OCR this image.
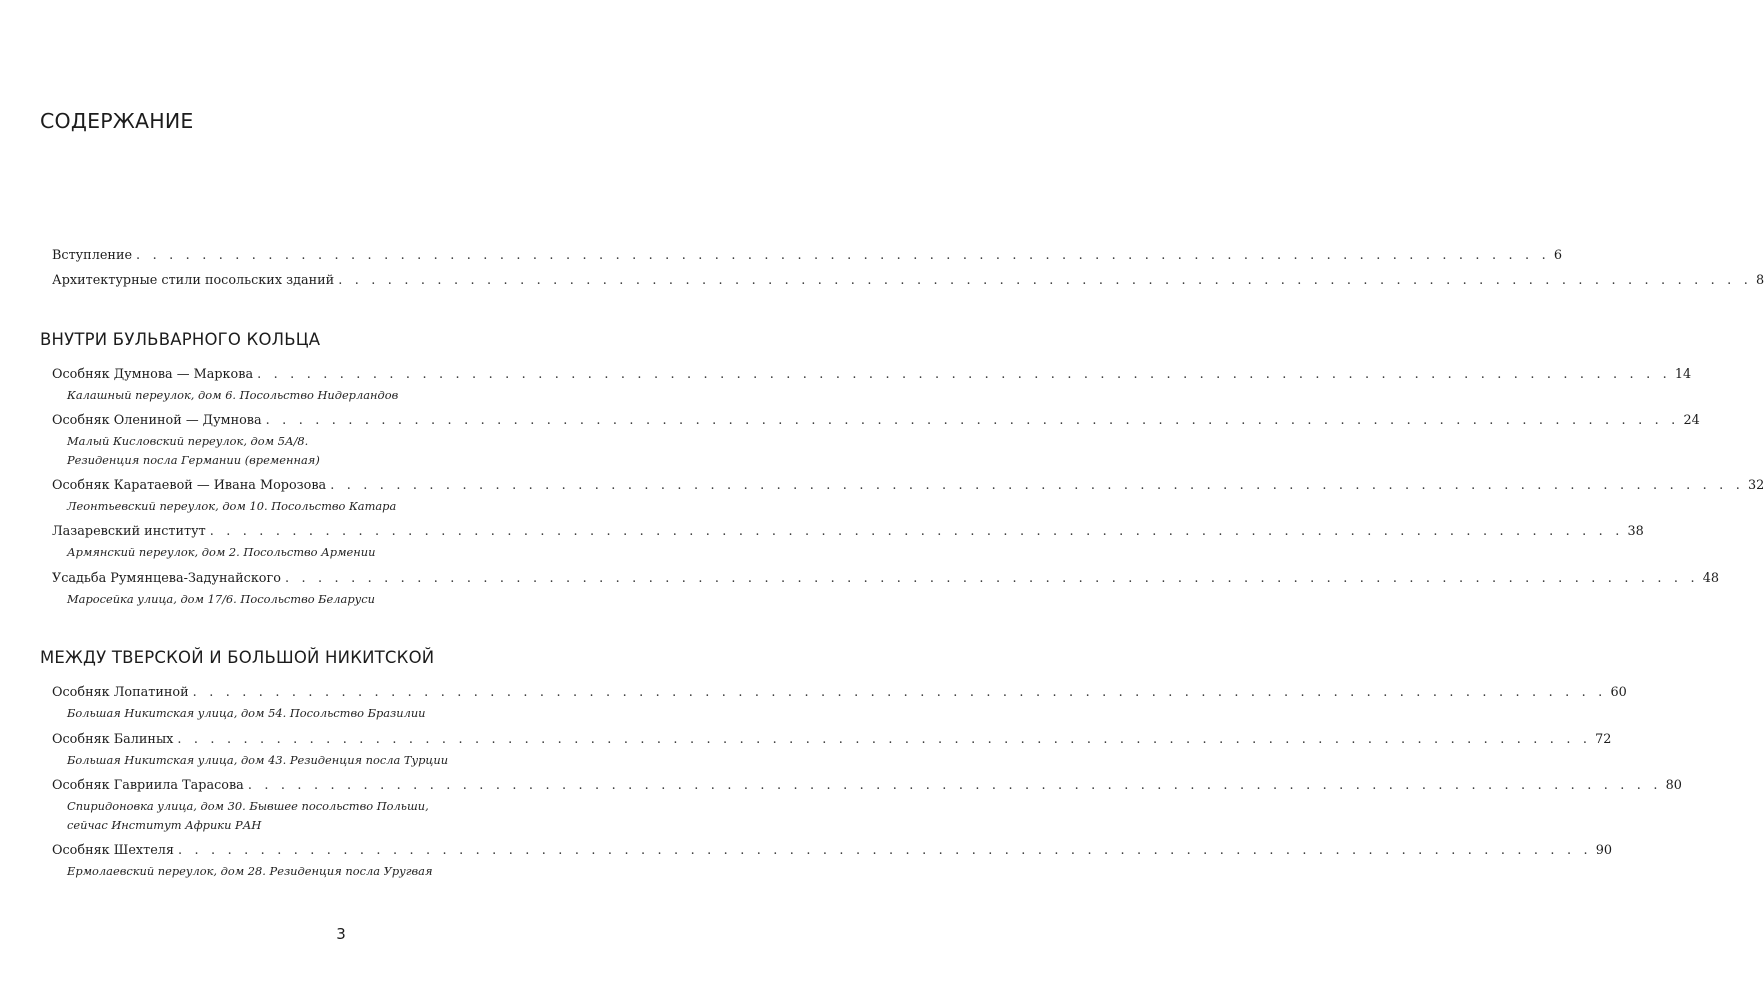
СОДЕРЖАНИЕ
Вступление . . . . . . . . . . . . . . . . . . . . . . . . . . . . . . . . . . . . . . . . . . . . . . . . . . . . . . . . . . . . . . . . . . . . . . . . . . . . . . . . . . . . . . 6
Архитектурные стили посольских зданий . . . . . . . . . . . . . . . . . . . . . . . . . . . . . . . . . . . . . . . . . . . . . . . . . . . . . . . . . . . . . . . . . . . . . . . . . . . . . . . . . . . . . . 8
ВНУТРИ БУЛЬВАРНОГО КОЛЬЦА
Особняк Думнова — Маркова . . . . . . . . . . . . . . . . . . . . . . . . . . . . . . . . . . . . . . . . . . . . . . . . . . . . . . . . . . . . . . . . . . . . . . . . . . . . . . . . . . . . . . 14
Калашный переулок, дом 6. Посольство Нидерландов
Особняк Олениной — Думнова . . . . . . . . . . . . . . . . . . . . . . . . . . . . . . . . . . . . . . . . . . . . . . . . . . . . . . . . . . . . . . . . . . . . . . . . . . . . . . . . . . . . . . 24
Малый Кисловский переулок, дом 5А/8.
Резиденция посла Германии (временная)
Особняк Каратаевой — Ивана Морозова . . . . . . . . . . . . . . . . . . . . . . . . . . . . . . . . . . . . . . . . . . . . . . . . . . . . . . . . . . . . . . . . . . . . . . . . . . . . . . . . . . . . . . 32
Леонтьевский переулок, дом 10. Посольство Катара
Лазаревский институт . . . . . . . . . . . . . . . . . . . . . . . . . . . . . . . . . . . . . . . . . . . . . . . . . . . . . . . . . . . . . . . . . . . . . . . . . . . . . . . . . . . . . . 38
Армянский переулок, дом 2. Посольство Армении
Усадьба Румянцева-Задунайского . . . . . . . . . . . . . . . . . . . . . . . . . . . . . . . . . . . . . . . . . . . . . . . . . . . . . . . . . . . . . . . . . . . . . . . . . . . . . . . . . . . . . . 48
Маросейка улица, дом 17/6. Посольство Беларуси
МЕЖДУ ТВЕРСКОЙ И БОЛЬШОЙ НИКИТСКОЙ
Особняк Лопатиной . . . . . . . . . . . . . . . . . . . . . . . . . . . . . . . . . . . . . . . . . . . . . . . . . . . . . . . . . . . . . . . . . . . . . . . . . . . . . . . . . . . . . . 60
Большая Никитская улица, дом 54. Посольство Бразилии
Особняк Балиных . . . . . . . . . . . . . . . . . . . . . . . . . . . . . . . . . . . . . . . . . . . . . . . . . . . . . . . . . . . . . . . . . . . . . . . . . . . . . . . . . . . . . . 72
Большая Никитская улица, дом 43. Резиденция посла Турции
Особняк Гавриила Тарасова . . . . . . . . . . . . . . . . . . . . . . . . . . . . . . . . . . . . . . . . . . . . . . . . . . . . . . . . . . . . . . . . . . . . . . . . . . . . . . . . . . . . . . 80
Спиридоновка улица, дом 30. Бывшее посольство Польши,
сейчас Институт Африки РАН
Особняк Шехтеля . . . . . . . . . . . . . . . . . . . . . . . . . . . . . . . . . . . . . . . . . . . . . . . . . . . . . . . . . . . . . . . . . . . . . . . . . . . . . . . . . . . . . . 90
Ермолаевский переулок, дом 28. Резиденция посла Уругвая
3
